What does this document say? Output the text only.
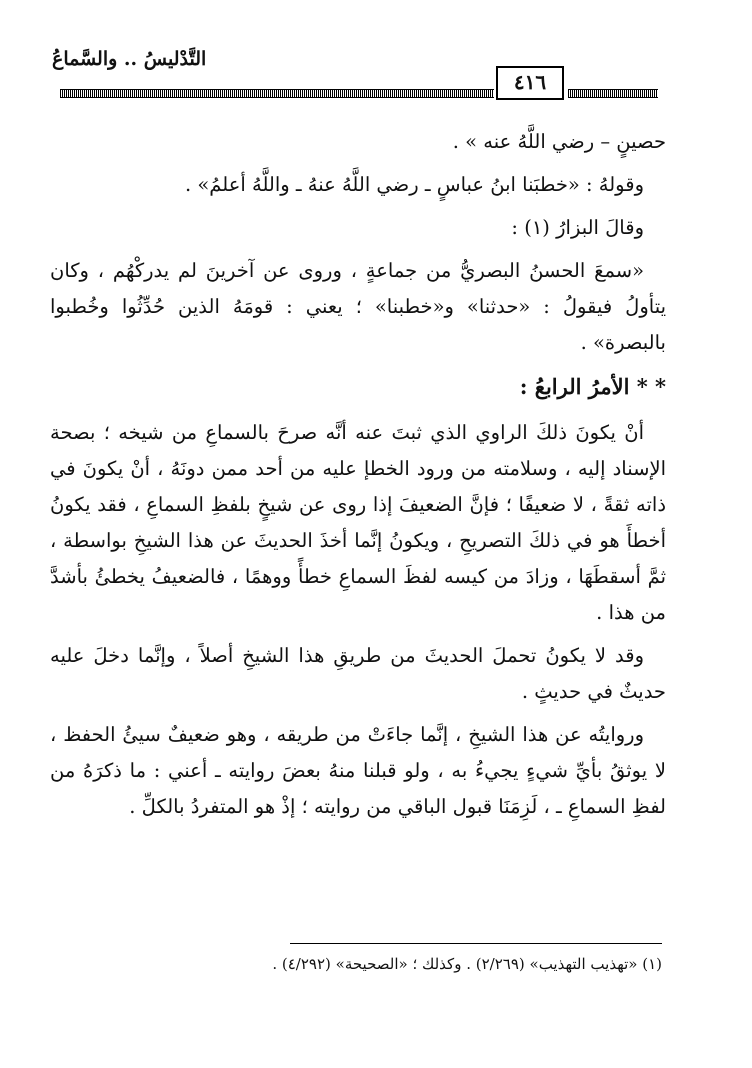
التَّدْليسُ .. والسَّماعُ
٤١٦

حصينٍ – رضي اللَّهُ عنه » .

وقولهُ : «خطبَنا ابنُ عباسٍ ـ رضي اللَّهُ عنهُ ـ واللَّهُ أعلمُ» .

وقالَ البزارُ (١) :

«سمعَ الحسنُ البصريُّ من جماعةٍ ، وروى عن آخرينَ لم يدركْهُم ، وكان يتأولُ فيقولُ : «حدثنا» و«خطبنا» ؛ يعني : قومَهُ الذين حُدِّثُوا وخُطبوا بالبصرة» .

* * الأمرُ الرابعُ :

أنْ يكونَ ذلكَ الراوي الذي ثبتَ عنه أنَّه صرحَ بالسماعِ من شيخه ؛ بصحة الإسناد إليه ، وسلامته من ورود الخطإ عليه من أحد ممن دونَهُ ، أنْ يكونَ في ذاته ثقةً ، لا ضعيفًا ؛ فإنَّ الضعيفَ إذا روى عن شيخٍ بلفظِ السماعِ ، فقد يكونُ أخطأَ هو في ذلكَ التصريحِ ، ويكونُ إنَّما أخذَ الحديثَ عن هذا الشيخِ بواسطة ، ثمَّ أسقطَهَا ، وزادَ من كيسه لفظَ السماعِ خطأً ووهمًا ، فالضعيفُ يخطئُ بأشدَّ من هذا .

وقد لا يكونُ تحملَ الحديثَ من طريقِ هذا الشيخِ أصلاً ، وإنَّما دخلَ عليه حديثٌ في حديثٍ .

وروايتُه عن هذا الشيخِ ، إنَّما جاءَتْ من طريقه ، وهو ضعيفٌ سيئُ الحفظ ، لا يوثقُ بأيِّ شيءٍ يجيءُ به ، ولو قبلنا منهُ بعضَ روايته ـ أعني : ما ذكرَهُ من لفظِ السماعِ ـ ، لَزِمَنَا قبول الباقي من روايته ؛ إذْ هو المتفردُ بالكلِّ .

(١) «تهذيب التهذيب» (٢/٢٦٩) . وكذلك ؛ «الصحيحة» (٤/٢٩٢) .
